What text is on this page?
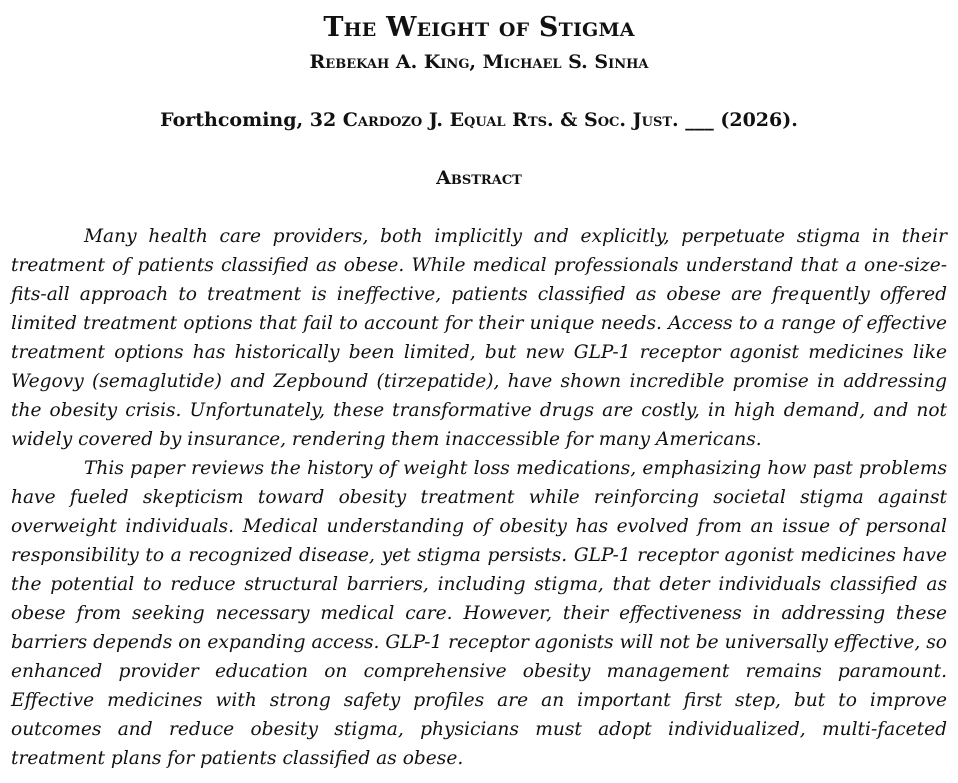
The Weight of Stigma
Rebekah A. King, Michael S. Sinha
Forthcoming, 32 Cardozo J. Equal Rts. & Soc. Just. ___ (2026).
Abstract

Many health care providers, both implicitly and explicitly, perpetuate stigma in their treatment of patients classified as obese. While medical professionals understand that a one-size-fits-all approach to treatment is ineffective, patients classified as obese are frequently offered limited treatment options that fail to account for their unique needs. Access to a range of effective treatment options has historically been limited, but new GLP-1 receptor agonist medicines like Wegovy (semaglutide) and Zepbound (tirzepatide), have shown incredible promise in addressing the obesity crisis. Unfortunately, these transformative drugs are costly, in high demand, and not widely covered by insurance, rendering them inaccessible for many Americans.

This paper reviews the history of weight loss medications, emphasizing how past problems have fueled skepticism toward obesity treatment while reinforcing societal stigma against overweight individuals. Medical understanding of obesity has evolved from an issue of personal responsibility to a recognized disease, yet stigma persists. GLP-1 receptor agonist medicines have the potential to reduce structural barriers, including stigma, that deter individuals classified as obese from seeking necessary medical care. However, their effectiveness in addressing these barriers depends on expanding access. GLP-1 receptor agonists will not be universally effective, so enhanced provider education on comprehensive obesity management remains paramount. Effective medicines with strong safety profiles are an important first step, but to improve outcomes and reduce obesity stigma, physicians must adopt individualized, multi-faceted treatment plans for patients classified as obese.
